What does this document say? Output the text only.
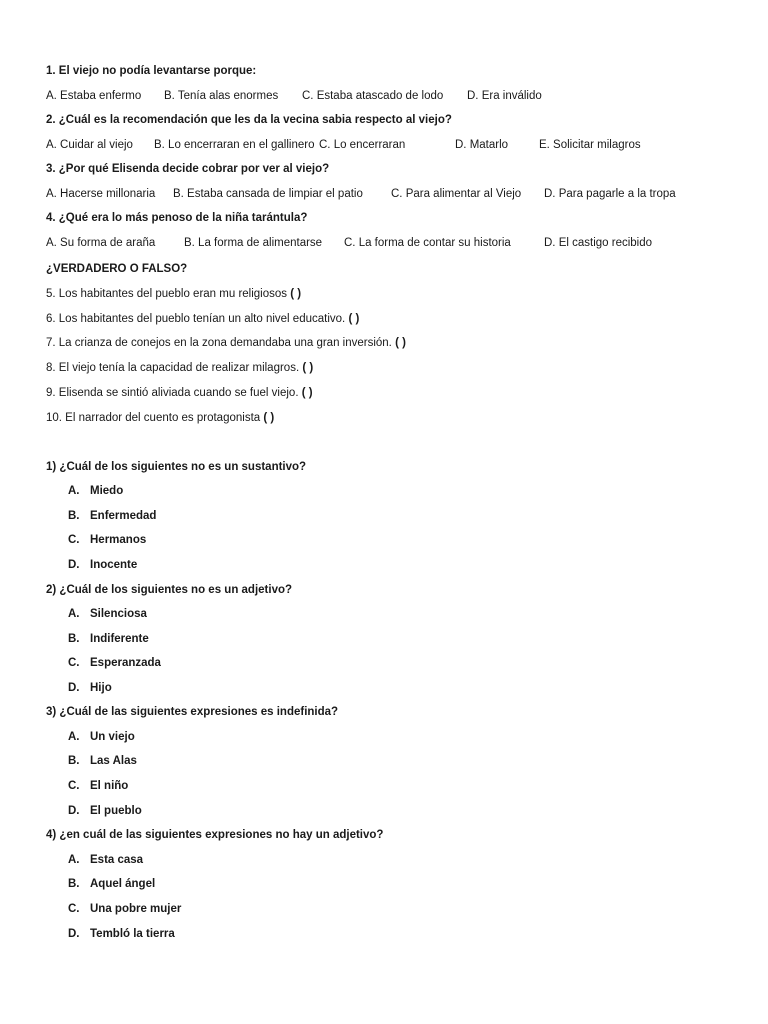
1. El viejo no podía levantarse porque:
A. Estaba enfermo B. Tenía alas enormes C. Estaba atascado de lodo D. Era inválido
2. ¿Cuál es la recomendación que les da la vecina sabia respecto al viejo?
A. Cuidar al viejo B. Lo encerraran en el gallinero C. Lo encerraran	D. Matarlo	E. Solicitar milagros
3. ¿Por qué Elisenda decide cobrar por ver al viejo?
A. Hacerse millonaria B. Estaba cansada de limpiar el patio C. Para alimentar al Viejo D. Para pagarle a la tropa
4. ¿Qué era lo más penoso de la niña tarántula?
A. Su forma de araña B. La forma de alimentarse C. La forma de contar su historia	D. El castigo recibido
¿VERDADERO O FALSO?
5. Los habitantes del pueblo eran mu religiosos ( )
6. Los habitantes del pueblo tenían un alto nivel educativo. ( )
7. La crianza de conejos en la zona demandaba una gran inversión. ( )
8. El viejo tenía la capacidad de realizar milagros. ( )
9. Elisenda se sintió aliviada cuando se fuel viejo. ( )
10. El narrador del cuento es protagonista ( )
1) ¿Cuál de los siguientes no es un sustantivo?
A. Miedo
B. Enfermedad
C. Hermanos
D. Inocente
2) ¿Cuál de los siguientes no es un adjetivo?
A. Silenciosa
B. Indiferente
C. Esperanzada
D. Hijo
3) ¿Cuál de las siguientes expresiones es indefinida?
A. Un viejo
B. Las Alas
C. El niño
D. El pueblo
4) ¿en cuál de las siguientes expresiones no hay un adjetivo?
A. Esta casa
B. Aquel ángel
C. Una pobre mujer
D. Tembló la tierra
